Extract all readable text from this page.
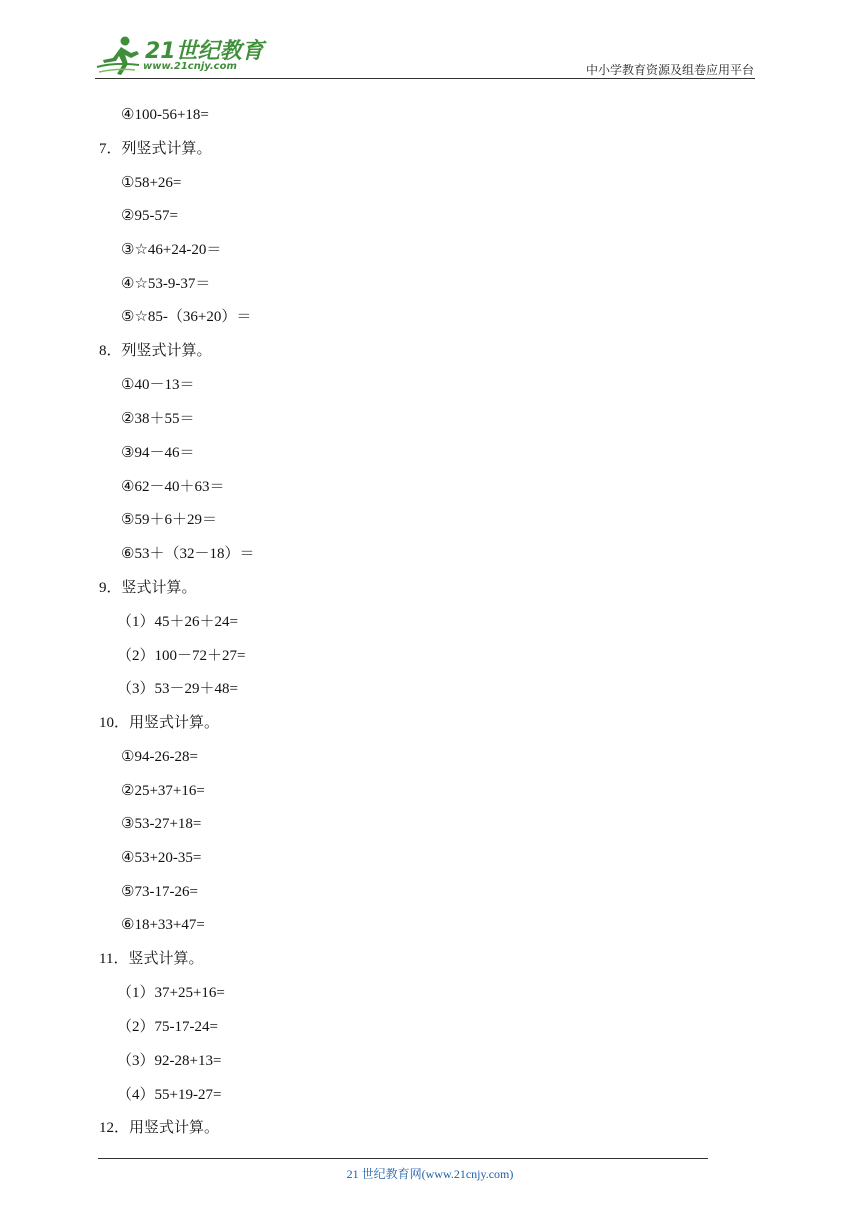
21世纪教育
www.21cnjy.com	中小学教育资源及组卷应用平台
④100-56+18=
7．列竖式计算。
①58+26=
②95-57=
③☆46+24-20＝
④☆53-9-37＝
⑤☆85-（36+20）＝
8．列竖式计算。
①40－13＝
②38＋55＝
③94－46＝
④62－40＋63＝
⑤59＋6＋29＝
⑥53＋（32－18）＝
9．竖式计算。
（1）45＋26＋24=
（2）100－72＋27=
（3）53－29＋48=
10．用竖式计算。
①94-26-28=
②25+37+16=
③53-27+18=
④53+20-35=
⑤73-17-26=
⑥18+33+47=
11．竖式计算。
（1）37+25+16=
（2）75-17-24=
（3）92-28+13=
（4）55+19-27=
12．用竖式计算。
21 世纪教育网(www.21cnjy.com)
